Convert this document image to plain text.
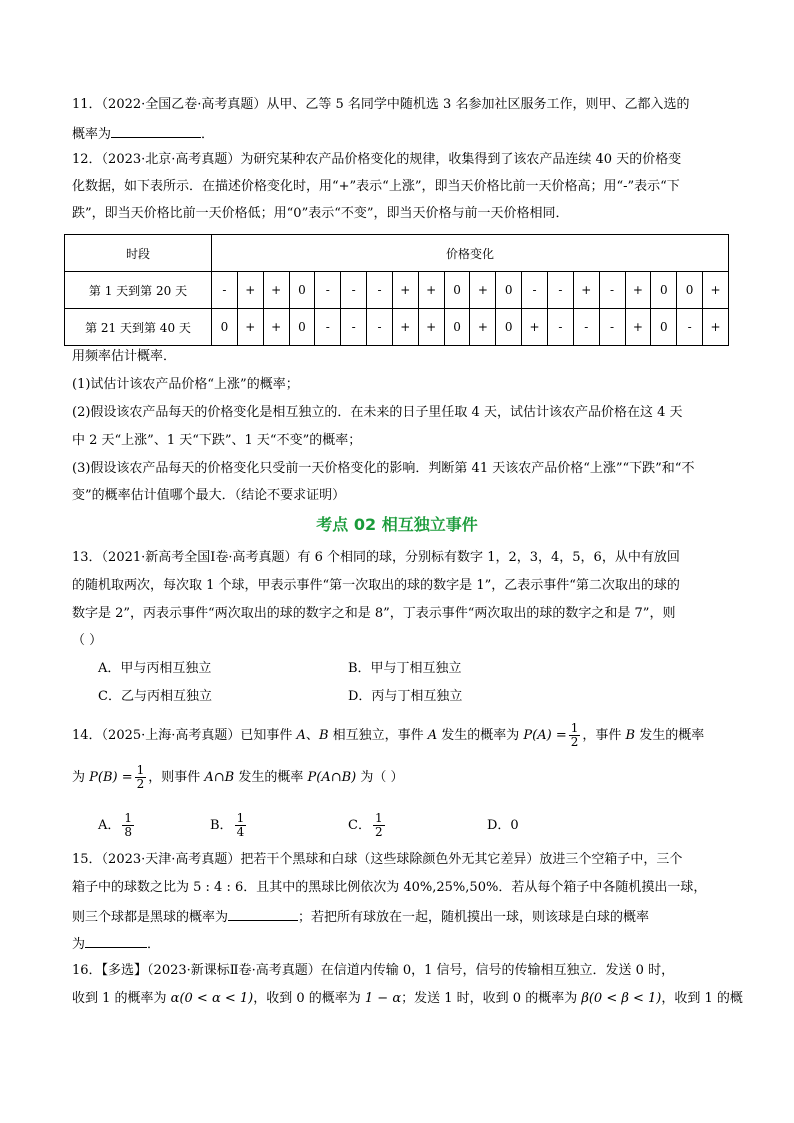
11．（2022·全国乙卷·高考真题）从甲、乙等 5 名同学中随机选 3 名参加社区服务工作，则甲、乙都入选的
概率为	．
12．（2023·北京·高考真题）为研究某种农产品价格变化的规律，收集得到了该农产品连续 40 天的价格变
化数据，如下表所示．在描述价格变化时，用“+”表示“上涨”，即当天价格比前一天价格高；用“-”表示“下
跌”，即当天价格比前一天价格低；用“0”表示“不变”，即当天价格与前一天价格相同．
时段	价格变化																			
第 1 天到第 20 天	-	+	+	0	-	-	-	+	+	0	+	0	-	-	+	-	+	0	0	+
第 21 天到第 40 天	0	+	+	0	-	-	-	+	+	0	+	0	+	-	-	-	+	0	-	+
用频率估计概率．
(1)试估计该农产品价格“上涨”的概率；
(2)假设该农产品每天的价格变化是相互独立的．在未来的日子里任取 4 天，试估计该农产品价格在这 4 天
中 2 天“上涨”、1 天“下跌”、1 天“不变”的概率；
(3)假设该农产品每天的价格变化只受前一天价格变化的影响．判断第 41 天该农产品价格“上涨”“下跌”和“不
变”的概率估计值哪个最大．（结论不要求证明）
考点 02 相互独立事件
13．（2021·新高考全国Ⅰ卷·高考真题）有 6 个相同的球，分别标有数字 1，2，3，4，5，6，从中有放回
的随机取两次，每次取 1 个球，甲表示事件“第一次取出的球的数字是 1”，乙表示事件“第二次取出的球的
数字是 2”，丙表示事件“两次取出的球的数字之和是 8”，丁表示事件“两次取出的球的数字之和是 7”，则
（ ）
A．甲与丙相互独立	B．甲与丁相互独立
C．乙与丙相互独立	D．丙与丁相互独立
14．（2025·上海·高考真题）已知事件 A、B 相互独立，事件 A 发生的概率为 $P(A) = \frac{1}{2}$ ，事件 B 发生的概率
为 $P(B) = \frac{1}{2}$ ，则事件 A∩B 发生的概率 P(A∩B) 为（ ）
A． $\frac{1}{8}$	B． $\frac{1}{4}$	C． $\frac{1}{2}$	D．0
15．（2023·天津·高考真题）把若干个黑球和白球（这些球除颜色外无其它差异）放进三个空箱子中，三个
箱子中的球数之比为 5 : 4 : 6．且其中的黑球比例依次为 40%,25%,50%．若从每个箱子中各随机摸出一球，
则三个球都是黑球的概率为	；若把所有球放在一起，随机摸出一球，则该球是白球的概率
为	．
16．【多选】（2023·新课标Ⅱ卷·高考真题）在信道内传输 0，1 信号，信号的传输相互独立．发送 0 时，
收到 1 的概率为 α(0 < α < 1)，收到 0 的概率为 1 − α；发送 1 时，收到 0 的概率为 β(0 < β < 1)，收到 1 的概
